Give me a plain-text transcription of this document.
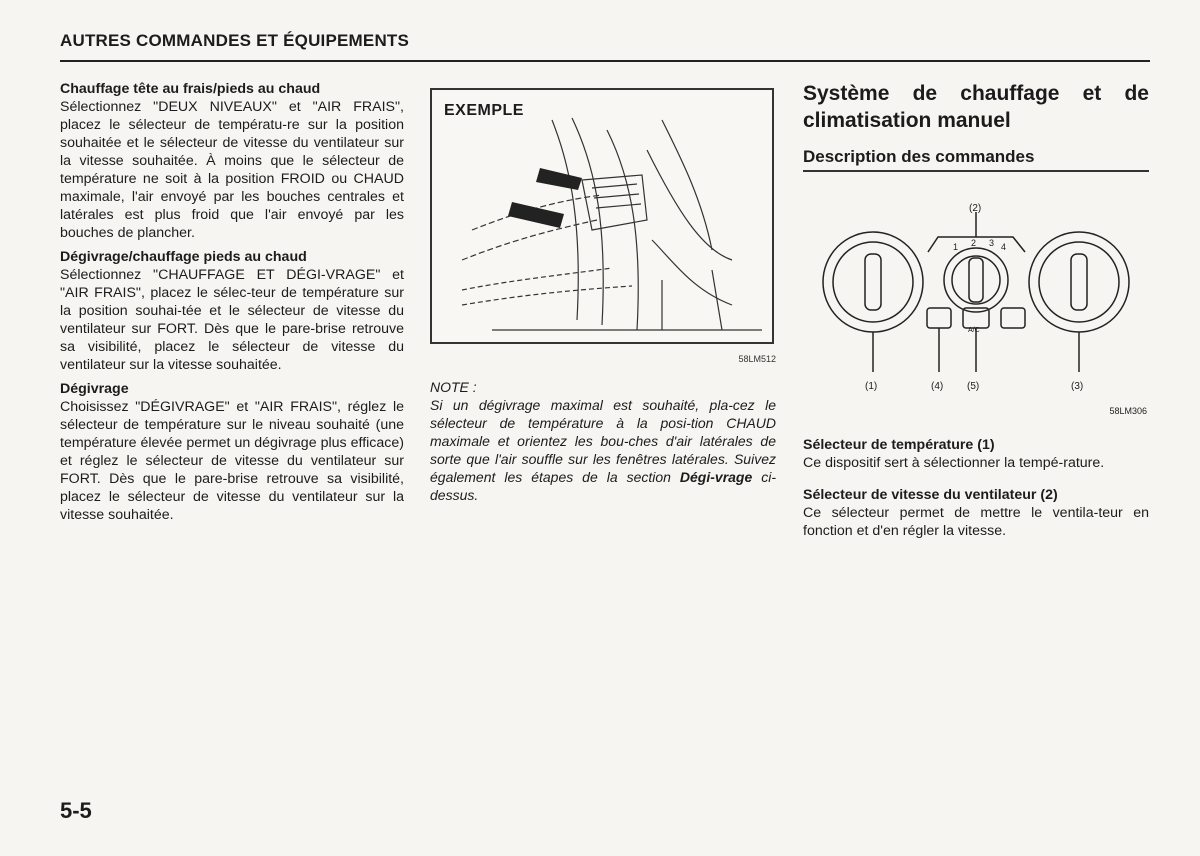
AUTRES COMMANDES ET ÉQUIPEMENTS
Chauffage tête au frais/pieds au chaud
Sélectionnez "DEUX NIVEAUX" et "AIR FRAIS", placez le sélecteur de températu-re sur la position souhaitée et le sélecteur de vitesse du ventilateur sur la vitesse souhaitée. À moins que le sélecteur de température ne soit à la position FROID ou CHAUD maximale, l'air envoyé par les bouches centrales et latérales est plus froid que l'air envoyé par les bouches de plancher.
Dégivrage/chauffage pieds au chaud
Sélectionnez "CHAUFFAGE ET DÉGI-VRAGE" et "AIR FRAIS", placez le sélec-teur de température sur la position souhai-tée et le sélecteur de vitesse du ventilateur sur FORT. Dès que le pare-brise retrouve sa visibilité, placez le sélecteur de vitesse du ventilateur sur la vitesse souhaitée.
Dégivrage
Choisissez "DÉGIVRAGE" et "AIR FRAIS", réglez le sélecteur de température sur le niveau souhaité (une température élevée permet un dégivrage plus efficace) et réglez le sélecteur de vitesse du ventilateur sur FORT. Dès que le pare-brise retrouve sa visibilité, placez le sélecteur de vitesse du ventilateur sur la vitesse souhaitée.
EXEMPLE
58LM512
NOTE :
Si un dégivrage maximal est souhaité, pla-cez le sélecteur de température à la posi-tion CHAUD maximale et orientez les bou-ches d'air latérales de sorte que l'air souffle sur les fenêtres latérales. Suivez également les étapes de la section Dégi-vrage ci-dessus.
Système de chauffage et de climatisation manuel
Description des commandes
1 2 3 4
(2)
(1)	(4) (5)	(3)
A/C
58LM306
Sélecteur de température (1)
Ce dispositif sert à sélectionner la tempé-rature.
Sélecteur de vitesse du ventilateur (2)
Ce sélecteur permet de mettre le ventila-teur en fonction et d'en régler la vitesse.
5-5
